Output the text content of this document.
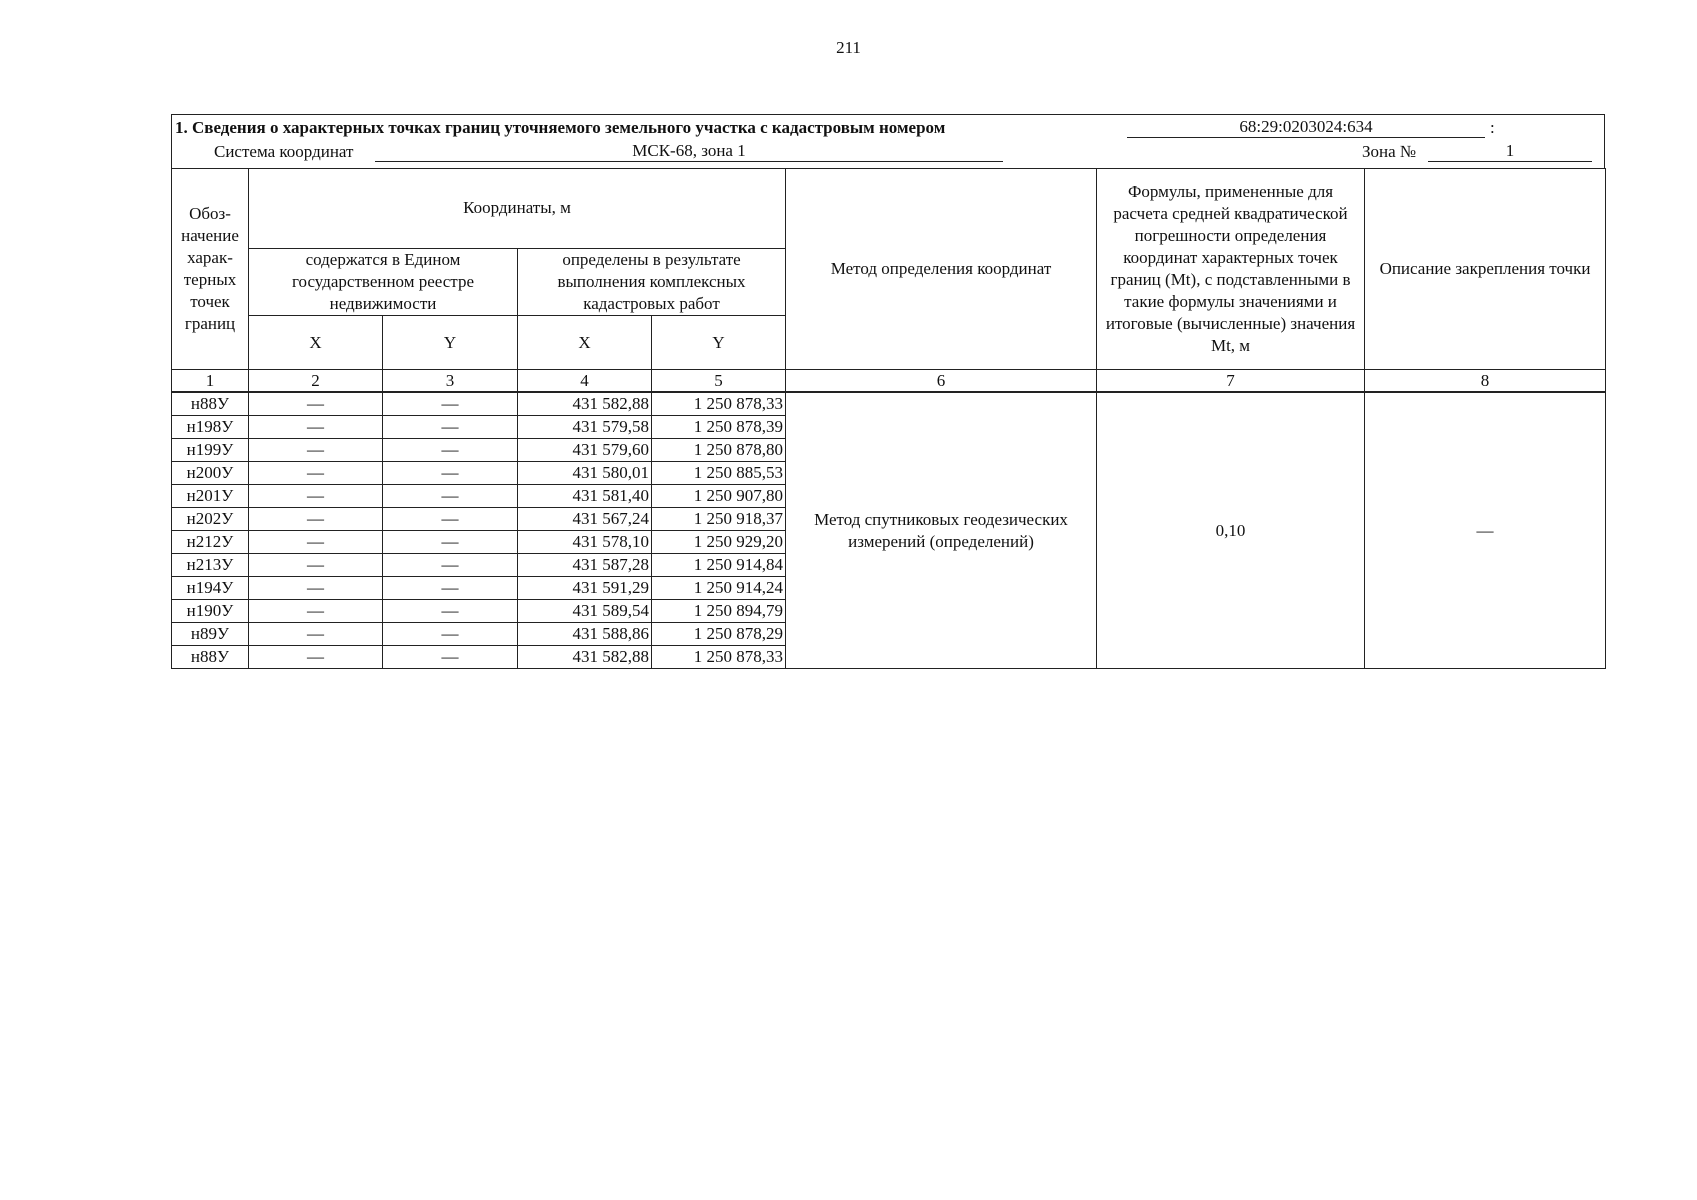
211
1. Сведения о характерных точках границ уточняемого земельного участка с кадастровым номером	68:29:0203024:634	:
Система координат	МСК-68, зона 1	Зона №	1
Обоз-начение харак-терных точек границ	Координаты, м				Метод определения координат	Формулы, примененные для расчета средней квадратической погрешности определения координат характерных точек границ (Mt), с подставленными в такие формулы значениями и итоговые (вычисленные) значения Mt, м	Описание закрепления точки
	содержатся в Едином государственном реестре недвижимости		определены в результате выполнения комплексных кадастровых работ				
	X	Y	X	Y			
1	2	3	4	5	6	7	8
н88У	—	—	431 582,88	1 250 878,33	Метод спутниковых геодезических измерений (определений)	0,10	—
н198У	—	—	431 579,58	1 250 878,39			
н199У	—	—	431 579,60	1 250 878,80			
н200У	—	—	431 580,01	1 250 885,53			
н201У	—	—	431 581,40	1 250 907,80			
н202У	—	—	431 567,24	1 250 918,37			
н212У	—	—	431 578,10	1 250 929,20			
н213У	—	—	431 587,28	1 250 914,84			
н194У	—	—	431 591,29	1 250 914,24			
н190У	—	—	431 589,54	1 250 894,79			
н89У	—	—	431 588,86	1 250 878,29			
н88У	—	—	431 582,88	1 250 878,33			
